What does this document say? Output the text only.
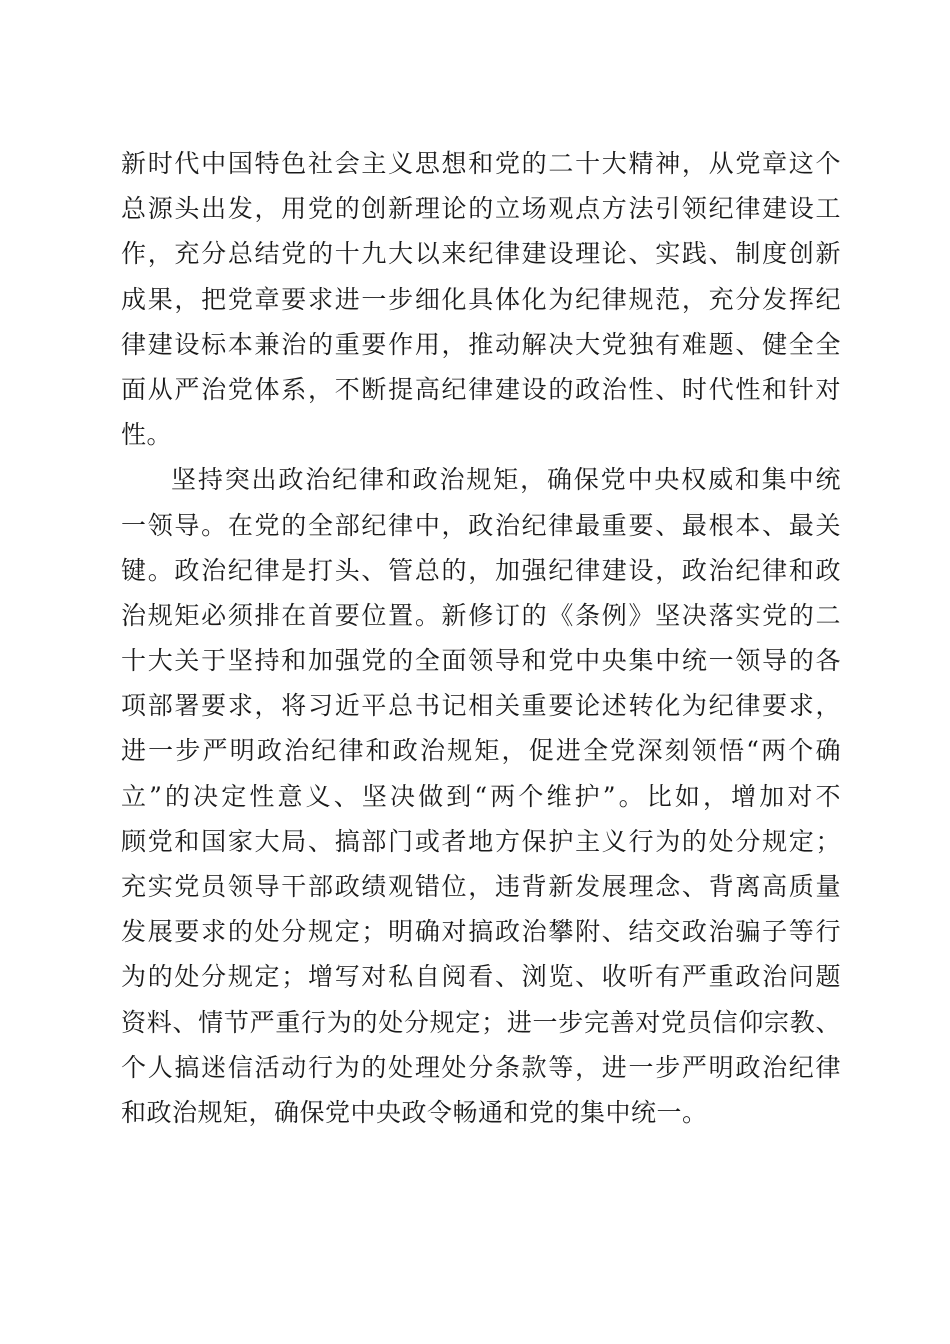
新时代中国特色社会主义思想和党的二十大精神，从党章这个
总源头出发，用党的创新理论的立场观点方法引领纪律建设工
作，充分总结党的十九大以来纪律建设理论、实践、制度创新
成果，把党章要求进一步细化具体化为纪律规范，充分发挥纪
律建设标本兼治的重要作用，推动解决大党独有难题、健全全
面从严治党体系，不断提高纪律建设的政治性、时代性和针对
性。
坚持突出政治纪律和政治规矩，确保党中央权威和集中统
一领导。在党的全部纪律中，政治纪律最重要、最根本、最关
键。政治纪律是打头、管总的，加强纪律建设，政治纪律和政
治规矩必须排在首要位置。新修订的《条例》坚决落实党的二
十大关于坚持和加强党的全面领导和党中央集中统一领导的各
项部署要求，将习近平总书记相关重要论述转化为纪律要求，
进一步严明政治纪律和政治规矩，促进全党深刻领悟“两个确
立”的决定性意义、坚决做到“两个维护”。比如，增加对不
顾党和国家大局、搞部门或者地方保护主义行为的处分规定；
充实党员领导干部政绩观错位，违背新发展理念、背离高质量
发展要求的处分规定；明确对搞政治攀附、结交政治骗子等行
为的处分规定；增写对私自阅看、浏览、收听有严重政治问题
资料、情节严重行为的处分规定；进一步完善对党员信仰宗教、
个人搞迷信活动行为的处理处分条款等，进一步严明政治纪律
和政治规矩，确保党中央政令畅通和党的集中统一。
